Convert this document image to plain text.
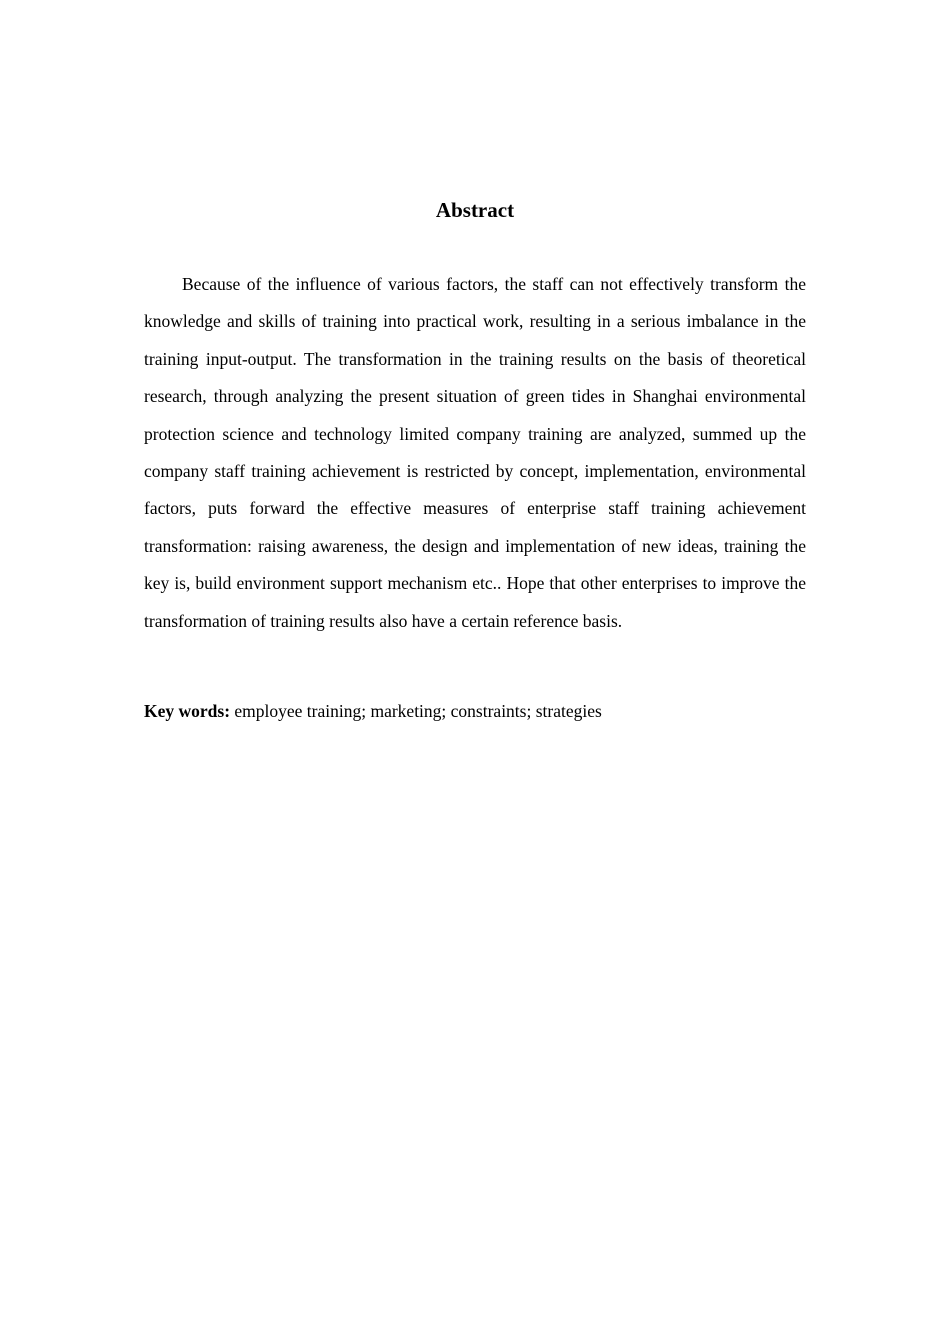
Abstract

Because of the influence of various factors, the staff can not effectively transform the knowledge and skills of training into practical work, resulting in a serious imbalance in the training input-output. The transformation in the training results on the basis of theoretical research, through analyzing the present situation of green tides in Shanghai environmental protection science and technology limited company training are analyzed, summed up the company staff training achievement is restricted by concept, implementation, environmental factors, puts forward the effective measures of enterprise staff training achievement transformation: raising awareness, the design and implementation of new ideas, training the key is, build environment support mechanism etc.. Hope that other enterprises to improve the transformation of training results also have a certain reference basis.

Key words: employee training; marketing; constraints; strategies
